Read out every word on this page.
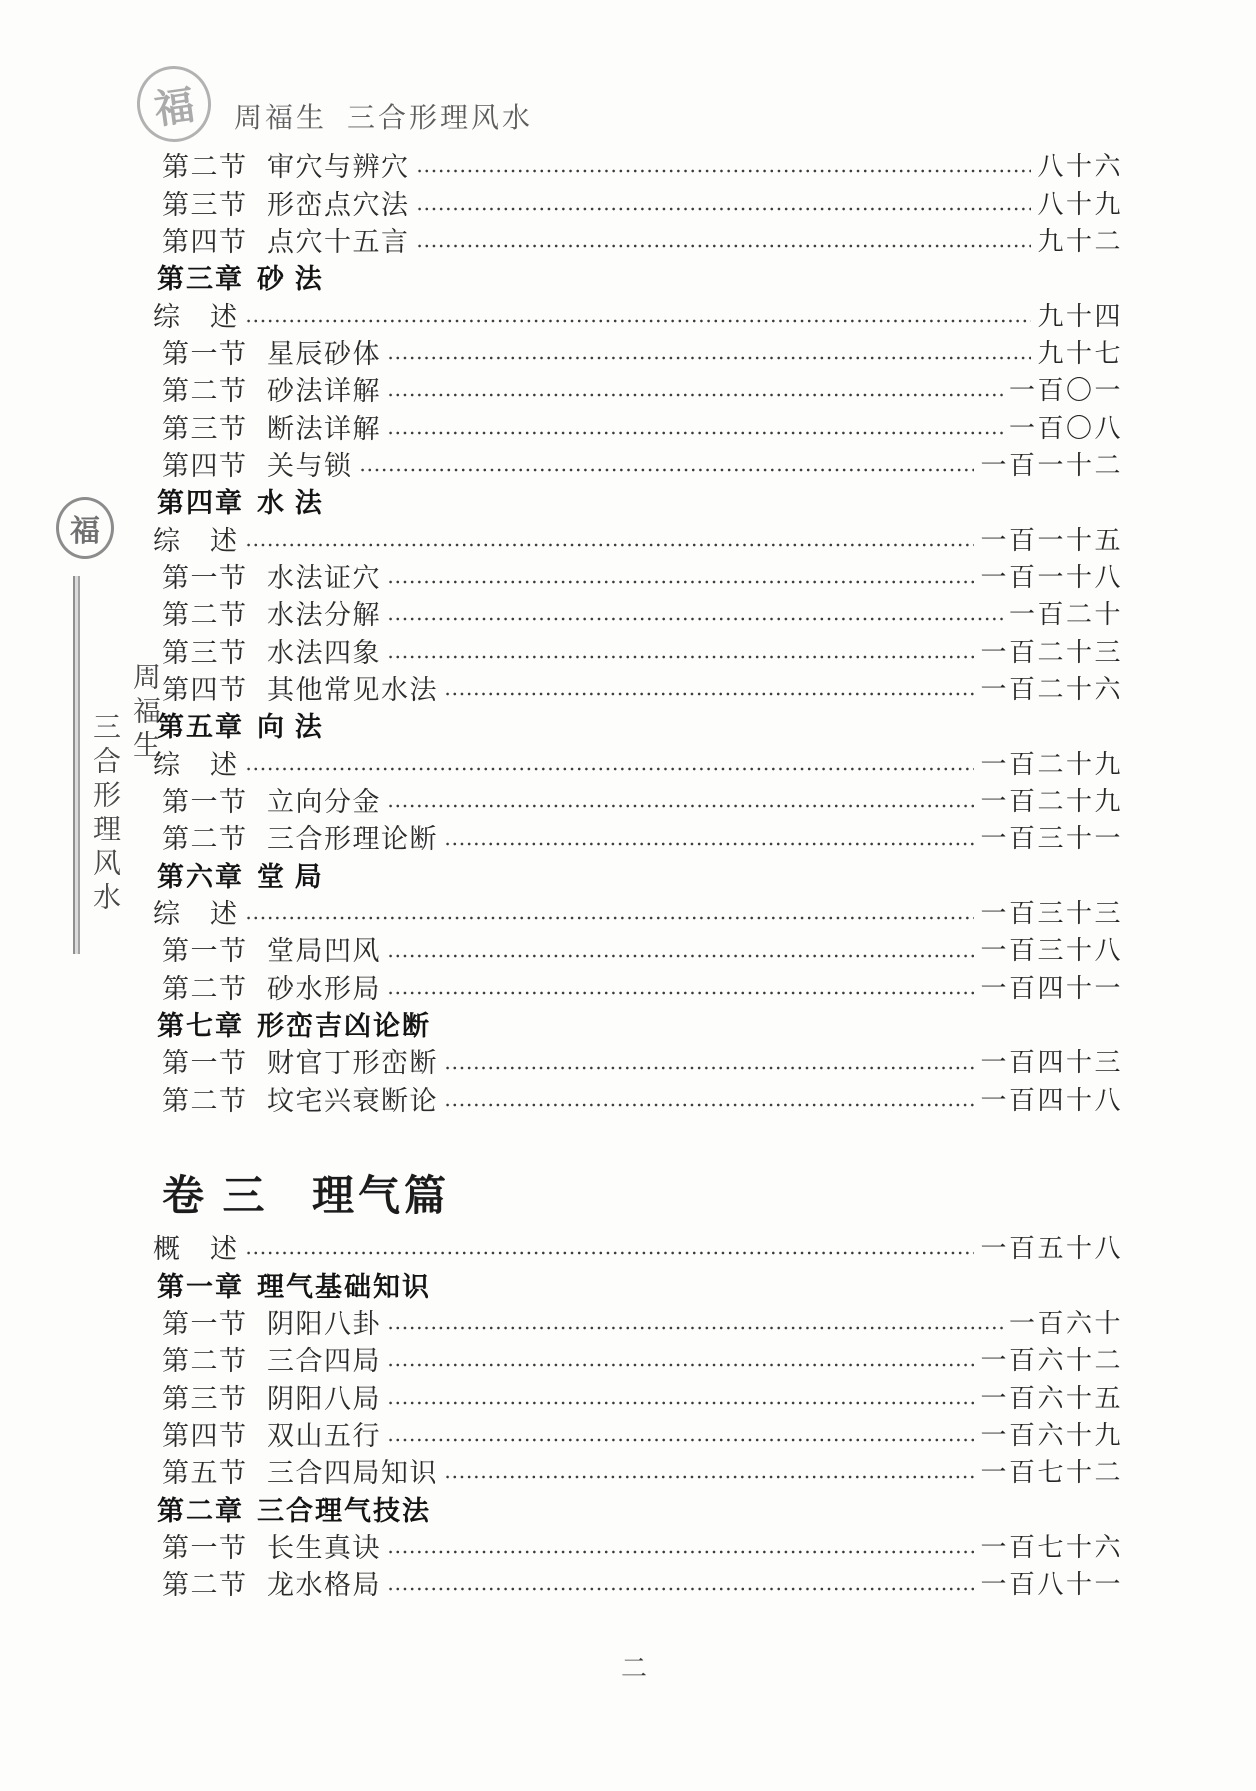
福 周福生  三合形理风水
福

周福生
三合形理风水

第二节 审穴与辨穴	八十六
第三节 形峦点穴法	八十九
第四节 点穴十五言	九十二
第三章 砂 法
综　述	九十四
第一节 星辰砂体	九十七
第二节 砂法详解	一百〇一
第三节 断法详解	一百〇八
第四节 关与锁	一百一十二
第四章 水 法
综　述	一百一十五
第一节 水法证穴	一百一十八
第二节 水法分解	一百二十
第三节 水法四象	一百二十三
第四节 其他常见水法	一百二十六
第五章 向 法
综　述	一百二十九
第一节 立向分金	一百二十九
第二节 三合形理论断	一百三十一
第六章 堂 局
综　述	一百三十三
第一节 堂局凹风	一百三十八
第二节 砂水形局	一百四十一
第七章 形峦吉凶论断
第一节 财官丁形峦断	一百四十三
第二节 坟宅兴衰断论	一百四十八
卷 三   理气篇
概　述	一百五十八
第一章 理气基础知识
第一节 阴阳八卦	一百六十
第二节 三合四局	一百六十二
第三节 阴阳八局	一百六十五
第四节 双山五行	一百六十九
第五节 三合四局知识	一百七十二
第二章 三合理气技法
第一节 长生真诀	一百七十六
第二节 龙水格局	一百八十一
二
